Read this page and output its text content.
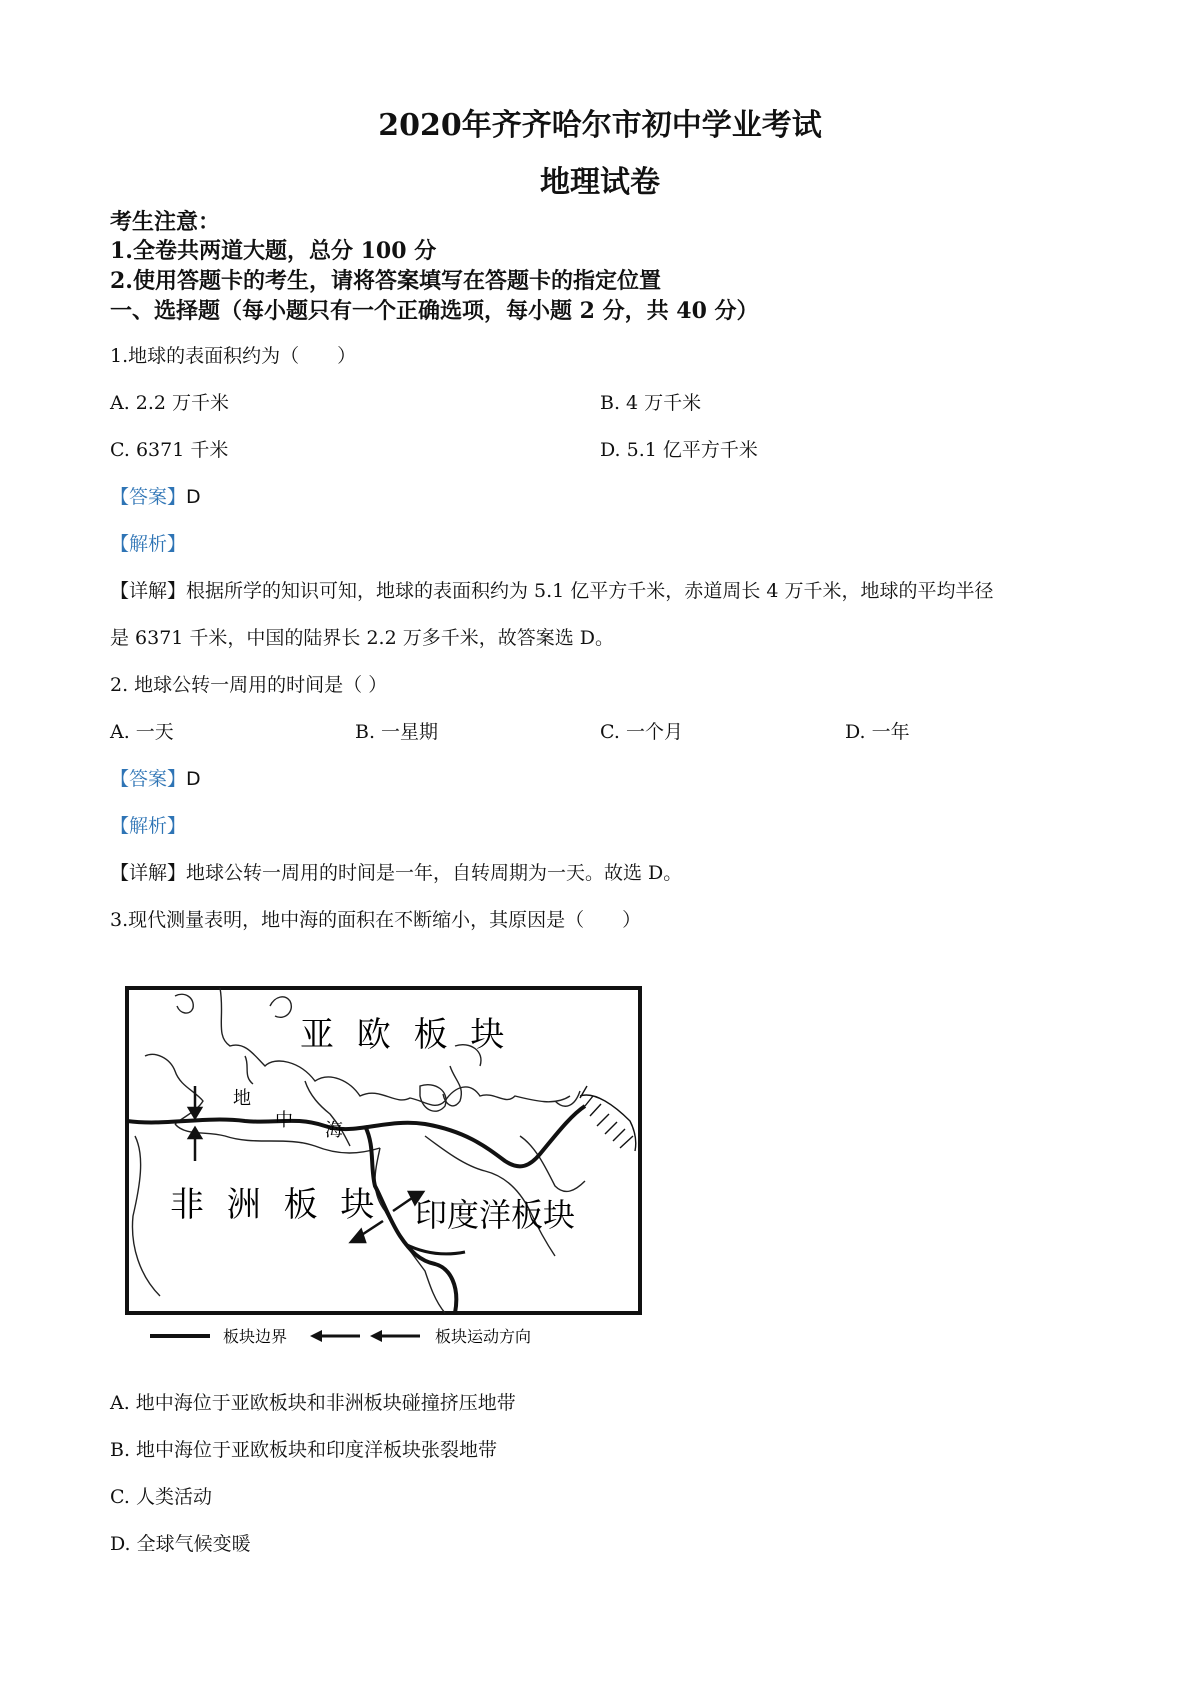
2020年齐齐哈尔市初中学业考试
地理试卷
考生注意：
1.全卷共两道大题，总分 100 分
2.使用答题卡的考生，请将答案填写在答题卡的指定位置
一、选择题（每小题只有一个正确选项，每小题 2 分，共 40 分）
1.地球的表面积约为（　　）
A. 2.2 万千米	B. 4 万千米
C. 6371 千米	D. 5.1 亿平方千米
【答案】D
【解析】
【详解】根据所学的知识可知，地球的表面积约为 5.1 亿平方千米，赤道周长 4 万千米，地球的平均半径
是 6371 千米，中国的陆界长 2.2 万多千米，故答案选 D。
2. 地球公转一周用的时间是（ ）
A. 一天	B. 一星期	C. 一个月	D. 一年
【答案】D
【解析】
【详解】地球公转一周用的时间是一年，自转周期为一天。故选 D。
3.现代测量表明，地中海的面积在不断缩小，其原因是（　　）
亚 欧 板 块
非 洲 板 块 印度洋板块
地
中 海
板块边界	板块运动方向
A. 地中海位于亚欧板块和非洲板块碰撞挤压地带
B. 地中海位于亚欧板块和印度洋板块张裂地带
C. 人类活动
D. 全球气候变暖
